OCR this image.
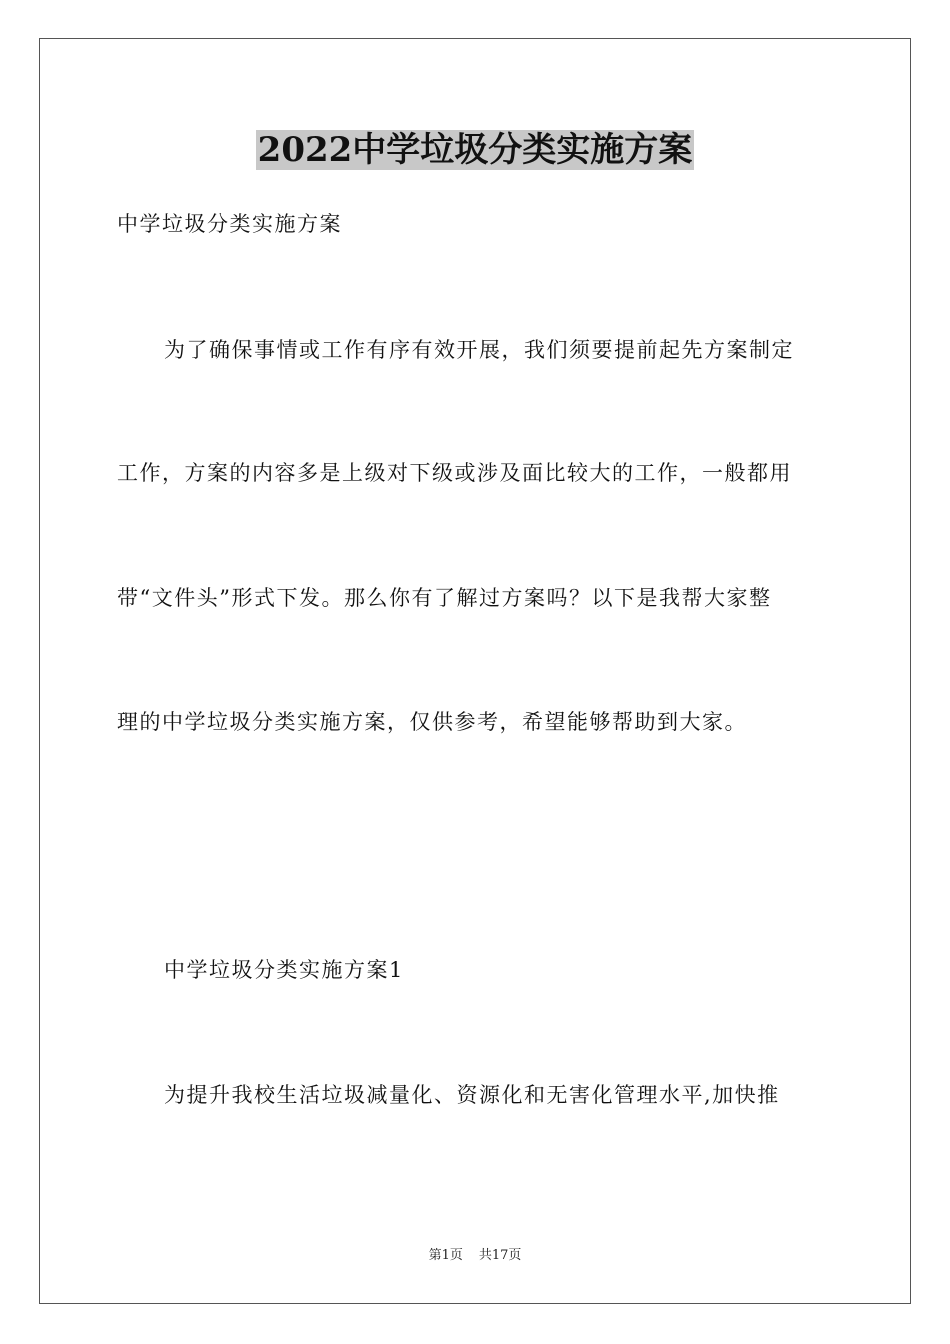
2022中学垃圾分类实施方案
中学垃圾分类实施方案
为了确保事情或工作有序有效开展，我们须要提前起先方案制定
工作，方案的内容多是上级对下级或涉及面比较大的工作，一般都用
带“文件头”形式下发。那么你有了解过方案吗？以下是我帮大家整
理的中学垃圾分类实施方案，仅供参考，希望能够帮助到大家。
中学垃圾分类实施方案1
为提升我校生活垃圾减量化、资源化和无害化管理水平,加快推
第1页 共17页
